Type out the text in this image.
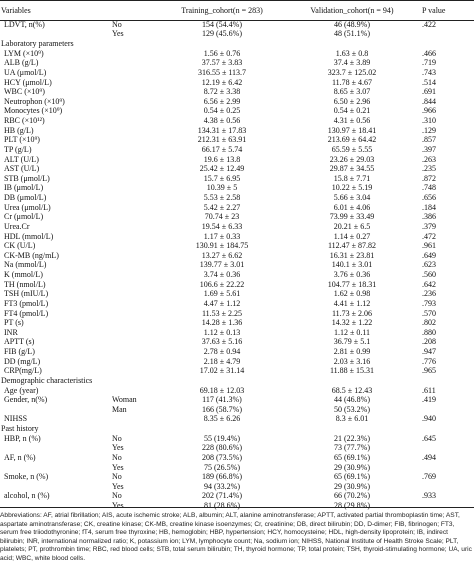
Variables		Training_cohort(n = 283)	Validation_cohort(n = 94)	P value
LDVT, n(%)	No	154 (54.4%)	46 (48.9%)	.422
	Yes	129 (45.6%)	48 (51.1%)	
Laboratory parameters				
LYM (×10⁹)		1.56 ± 0.76	1.63 ± 0.8	.466
ALB (g/L)		37.57 ± 3.83	37.4 ± 3.89	.719
UA (μmol/L)		316.55 ± 113.7	323.7 ± 125.02	.743
HCY (μmol/L)		12.19 ± 6.42	11.78 ± 4.67	.514
WBC (×10⁹)		8.72 ± 3.38	8.65 ± 3.07	.691
Neutrophon (×10⁹)		6.56 ± 2.99	6.50 ± 2.96	.844
Monocytes (×10⁹)		0.54 ± 0.25	0.54 ± 0.21	.966
RBC (×10¹²)		4.38 ± 0.56	4.31 ± 0.56	.310
HB (g/L)		134.31 ± 17.83	130.97 ± 18.41	.129
PLT (×10⁹)		212.31 ± 63.91	213.69 ± 64.42	.857
TP (g/L)		66.17 ± 5.74	65.59 ± 5.55	.397
ALT (U/L)		19.6 ± 13.8	23.26 ± 29.03	.263
AST (U/L)		25.42 ± 12.49	29.87 ± 34.55	.235
STB (μmol/L)		15.7 ± 6.95	15.8 ± 7.71	.872
IB (μmol/L)		10.39 ± 5	10.22 ± 5.19	.748
DB (μmol/L)		5.53 ± 2.58	5.66 ± 3.04	.656
Urea (μmol/L)		5.42 ± 2.27	6.01 ± 4.06	.184
Cr (μmol/L)		70.74 ± 23	73.99 ± 33.49	.386
Urea.Cr		19.54 ± 6.33	20.21 ± 6.5	.379
HDL (mmol/L)		1.17 ± 0.33	1.14 ± 0.27	.472
CK (U/L)		130.91 ± 184.75	112.47 ± 87.82	.961
CK-MB (ng/mL)		13.27 ± 6.62	16.31 ± 23.81	.649
Na (mmol/L)		139.77 ± 3.01	140.1 ± 3.01	.623
K (mmol/L)		3.74 ± 0.36	3.76 ± 0.36	.560
TH (nmol/L)		106.6 ± 22.22	104.77 ± 18.31	.642
TSH (mIU/L)		1.69 ± 5.61	1.62 ± 0.98	.236
FT3 (pmol/L)		4.47 ± 1.12	4.41 ± 1.12	.793
FT4 (pmol/L)		11.53 ± 2.25	11.73 ± 2.06	.570
PT (s)		14.28 ± 1.36	14.32 ± 1.22	.802
INR		1.12 ± 0.13	1.12 ± 0.11	.880
APTT (s)		37.63 ± 5.16	36.79 ± 5.1	.208
FIB (g/L)		2.78 ± 0.94	2.81 ± 0.99	.947
DD (mg/L)		2.18 ± 4.79	2.03 ± 3.16	.776
CRP(mg/L)		17.02 ± 31.14	11.88 ± 15.31	.965
Demographic characteristics				
Age (year)		69.18 ± 12.03	68.5 ± 12.43	.611
Gender, n(%)	Woman	117 (41.3%)	44 (46.8%)	.419
	Man	166 (58.7%)	50 (53.2%)	
NIHSS		8.35 ± 6.26	8.3 ± 6.01	.940
Past history				
HBP, n (%)	No	55 (19.4%)	21 (22.3%)	.645
	Yes	228 (80.6%)	73 (77.7%)	
AF, n (%)	No	208 (73.5%)	65 (69.1%)	.494
	Yes	75 (26.5%)	29 (30.9%)	
Smoke, n (%)	No	189 (66.8%)	65 (69.1%)	.769
	Yes	94 (33.2%)	29 (30.9%)	
alcohol, n (%)	No	202 (71.4%)	66 (70.2%)	.933
	Yes	81 (28.6%)	28 (29.8%)	
Abbreviations: AF, atrial fibrillation; AIS, acute ischemic stroke; ALB, albumin; ALT, alanine aminotransferase; APTT, activated partial thromboplastin time; AST, aspartate aminotransferase; CK, creatine kinase; CK-MB, creatine kinase isoenzymes; Cr, creatinine; DB, direct bilirubin; DD, D-dimer; FIB, fibrinogen; FT3, serum free triiodothyronine; fT4, serum free thyroxine; HB, hemoglobin; HBP, hypertension; HCY, homocysteine; HDL, high-density lipoprotein; IB, indirect bilirubin; INR, international normalized ratio; K, potassium ion; LYM, lymphocyte count; Na, sodium ion; NIHSS, National Institute of Health Stroke Scale; PLT, platelets; PT, prothrombin time; RBC, red blood cells; STB, total serum bilirubin; TH, thyroid hormone; TP, total protein; TSH, thyroid-stimulating hormone; UA, uric acid; WBC, white blood cells.
